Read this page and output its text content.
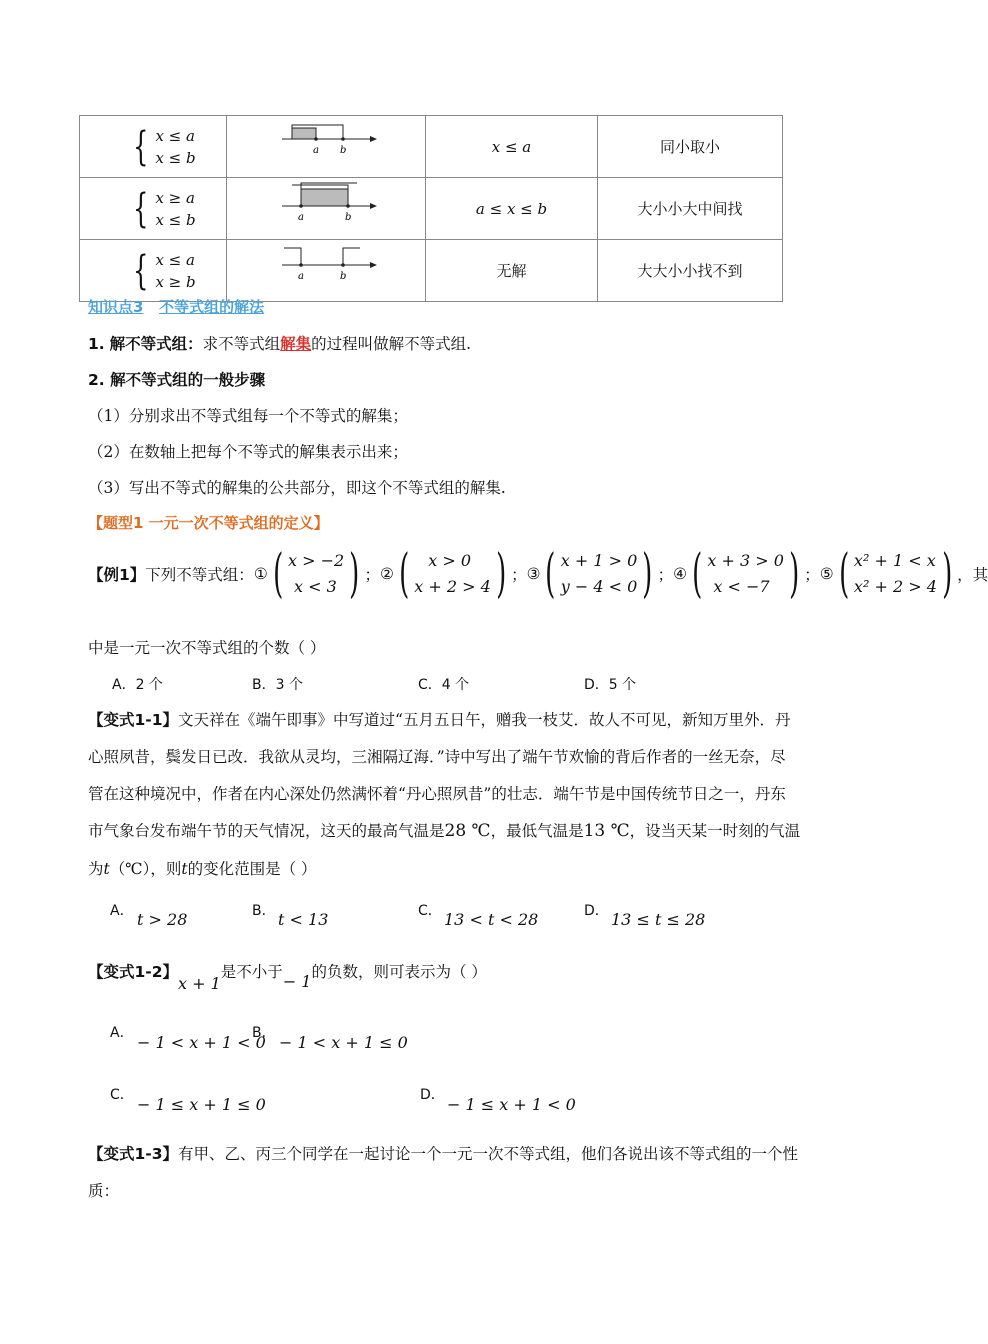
{ x ≤ a
x ≤ b	a b	x ≤ a	同小取小

{ x ≥ a
x ≤ b	a b	a ≤ x ≤ b	大小小大中间找

{ x ≤ a
x ≥ b	a b	无解	大大小小找不到
知识点3 不等式组的解法
1. 解不等式组：求不等式组解集的过程叫做解不等式组.
2. 解不等式组的一般步骤
（1）分别求出不等式组每一个不等式的解集；
（2）在数轴上把每个不等式的解集表示出来；
（3）写出不等式的解集的公共部分，即这个不等式组的解集.
【题型1 一元一次不等式组的定义】
【例1】 下列不等式组： ① ( x > −2
x < 3 ) ； ② (	x > 0
x + 2 > 4 ) ； ③ ( x + 1 > 0
y − 4 < 0 ) ； ④ ( x + 3 > 0
x < −7 ) ； ⑤ ( x² + 1 < x
x² + 2 > 4 ) ，其
中是一元一次不等式组的个数（ ）
A．2 个	B．3 个	C．4 个	D．5 个
【变式1-1】文天祥在《端午即事》中写道过“五月五日午，赠我一枝艾．故人不可见，新知万里外．丹
心照夙昔，鬓发日已改．我欲从灵均，三湘隔辽海．”诗中写出了端午节欢愉的背后作者的一丝无奈，尽
管在这种境况中，作者在内心深处仍然满怀着“丹心照夙昔”的壮志．端午节是中国传统节日之一，丹东
市气象台发布端午节的天气情况，这天的最高气温是28 ℃，最低气温是13 ℃，设当天某一时刻的气温
为t（℃），则t的变化范围是（ ）
A． t > 28	B． t < 13	C． 13 < t < 28	D． 13 ≤ t ≤ 28
【变式1-2】x + 1是不小于− 1的负数，则可表示为（ ）
A． − 1 < x + 1 < 0
B． − 1 < x + 1 ≤ 0
C． − 1 ≤ x + 1 ≤ 0	D． − 1 ≤ x + 1 < 0
【变式1-3】有甲、乙、丙三个同学在一起讨论一个一元一次不等式组，他们各说出该不等式组的一个性
质：
